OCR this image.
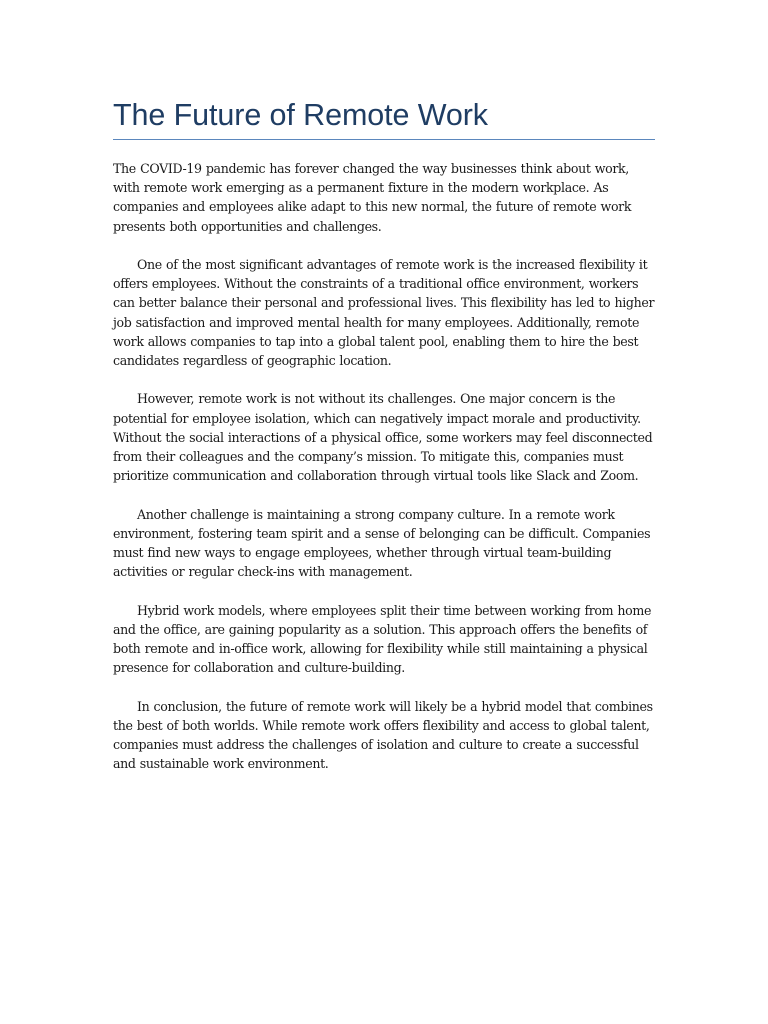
The Future of Remote Work

The COVID-19 pandemic has forever changed the way businesses think about work, with remote work emerging as a permanent fixture in the modern workplace. As companies and employees alike adapt to this new normal, the future of remote work presents both opportunities and challenges.

One of the most significant advantages of remote work is the increased flexibility it offers employees. Without the constraints of a traditional office environment, workers can better balance their personal and professional lives. This flexibility has led to higher job satisfaction and improved mental health for many employees. Additionally, remote work allows companies to tap into a global talent pool, enabling them to hire the best candidates regardless of geographic location.

However, remote work is not without its challenges. One major concern is the potential for employee isolation, which can negatively impact morale and productivity. Without the social interactions of a physical office, some workers may feel disconnected from their colleagues and the company’s mission. To mitigate this, companies must prioritize communication and collaboration through virtual tools like Slack and Zoom.

Another challenge is maintaining a strong company culture. In a remote work environment, fostering team spirit and a sense of belonging can be difficult. Companies must find new ways to engage employees, whether through virtual team-building activities or regular check-ins with management.

Hybrid work models, where employees split their time between working from home and the office, are gaining popularity as a solution. This approach offers the benefits of both remote and in-office work, allowing for flexibility while still maintaining a physical presence for collaboration and culture-building.

In conclusion, the future of remote work will likely be a hybrid model that combines the best of both worlds. While remote work offers flexibility and access to global talent, companies must address the challenges of isolation and culture to create a successful and sustainable work environment.
